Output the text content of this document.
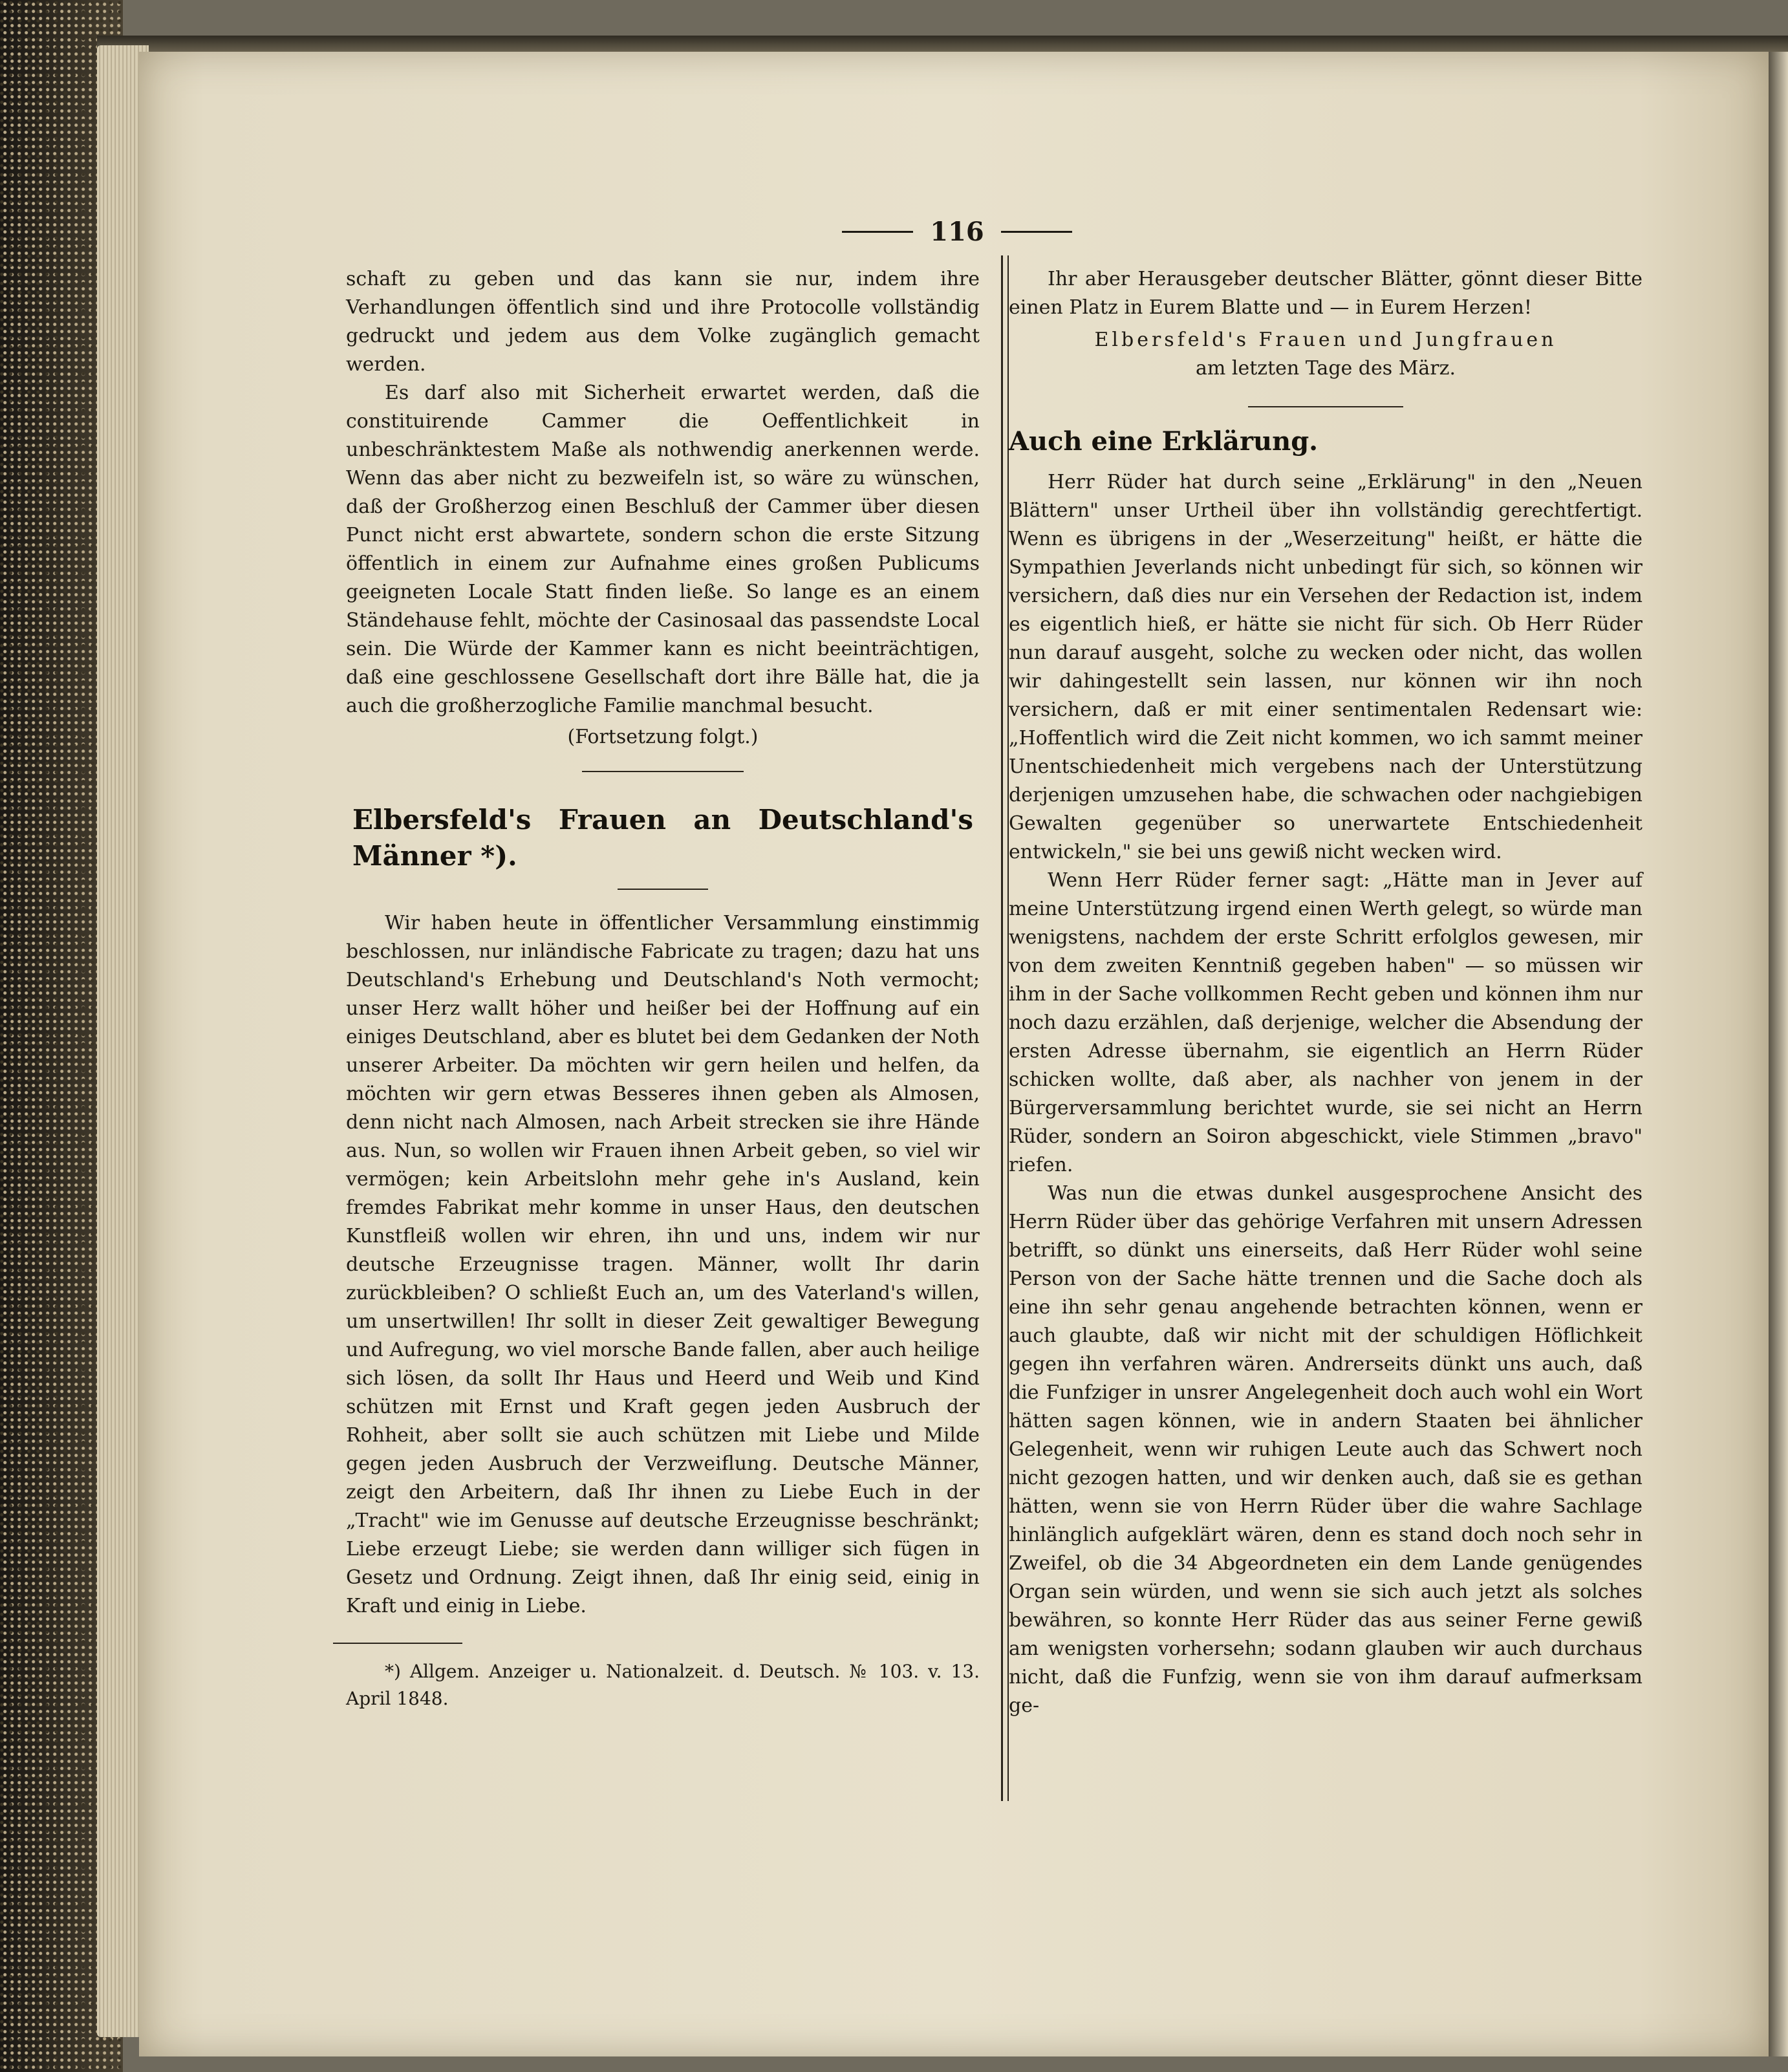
116

schaft zu geben und das kann sie nur, indem ihre Verhandlungen öffentlich sind und ihre Protocolle vollständig gedruckt und jedem aus dem Volke zugänglich gemacht werden.

Es darf also mit Sicherheit erwartet werden, daß die constituirende Cammer die Oeffentlichkeit in unbeschränktestem Maße als nothwendig anerkennen werde. Wenn das aber nicht zu bezweifeln ist, so wäre zu wünschen, daß der Großherzog einen Beschluß der Cammer über diesen Punct nicht erst abwartete, sondern schon die erste Sitzung öffentlich in einem zur Aufnahme eines großen Publicums geeigneten Locale Statt finden ließe. So lange es an einem Ständehause fehlt, möchte der Casinosaal das passendste Local sein. Die Würde der Kammer kann es nicht beeinträchtigen, daß eine geschlossene Gesellschaft dort ihre Bälle hat, die ja auch die großherzogliche Familie manchmal besucht.

(Fortsetzung folgt.)

Elbersfeld's Frauen an Deutschland's Männer *).

Wir haben heute in öffentlicher Versammlung einstimmig beschlossen, nur inländische Fabricate zu tragen; dazu hat uns Deutschland's Erhebung und Deutschland's Noth vermocht; unser Herz wallt höher und heißer bei der Hoffnung auf ein einiges Deutschland, aber es blutet bei dem Gedanken der Noth unserer Arbeiter. Da möchten wir gern heilen und helfen, da möchten wir gern etwas Besseres ihnen geben als Almosen, denn nicht nach Almosen, nach Arbeit strecken sie ihre Hände aus. Nun, so wollen wir Frauen ihnen Arbeit geben, so viel wir vermögen; kein Arbeitslohn mehr gehe in's Ausland, kein fremdes Fabrikat mehr komme in unser Haus, den deutschen Kunstfleiß wollen wir ehren, ihn und uns, indem wir nur deutsche Erzeugnisse tragen. Männer, wollt Ihr darin zurückbleiben? O schließt Euch an, um des Vaterland's willen, um unsertwillen! Ihr sollt in dieser Zeit gewaltiger Bewegung und Aufregung, wo viel morsche Bande fallen, aber auch heilige sich lösen, da sollt Ihr Haus und Heerd und Weib und Kind schützen mit Ernst und Kraft gegen jeden Ausbruch der Rohheit, aber sollt sie auch schützen mit Liebe und Milde gegen jeden Ausbruch der Verzweiflung. Deutsche Männer, zeigt den Arbeitern, daß Ihr ihnen zu Liebe Euch in der „Tracht" wie im Genusse auf deutsche Erzeugnisse beschränkt; Liebe erzeugt Liebe; sie werden dann williger sich fügen in Gesetz und Ordnung. Zeigt ihnen, daß Ihr einig seid, einig in Kraft und einig in Liebe.

*) Allgem. Anzeiger u. Nationalzeit. d. Deutsch. № 103. v. 13. April 1848.

Ihr aber Herausgeber deutscher Blätter, gönnt dieser Bitte einen Platz in Eurem Blatte und — in Eurem Herzen!

Elbersfeld's Frauen und Jungfrauen

am letzten Tage des März.

Auch eine Erklärung.

Herr Rüder hat durch seine „Erklärung" in den „Neuen Blättern" unser Urtheil über ihn vollständig gerechtfertigt. Wenn es übrigens in der „Weserzeitung" heißt, er hätte die Sympathien Jeverlands nicht unbedingt für sich, so können wir versichern, daß dies nur ein Versehen der Redaction ist, indem es eigentlich hieß, er hätte sie nicht für sich. Ob Herr Rüder nun darauf ausgeht, solche zu wecken oder nicht, das wollen wir dahingestellt sein lassen, nur können wir ihn noch versichern, daß er mit einer sentimentalen Redensart wie: „Hoffentlich wird die Zeit nicht kommen, wo ich sammt meiner Unentschiedenheit mich vergebens nach der Unterstützung derjenigen umzusehen habe, die schwachen oder nachgiebigen Gewalten gegenüber so unerwartete Entschiedenheit entwickeln," sie bei uns gewiß nicht wecken wird.

Wenn Herr Rüder ferner sagt: „Hätte man in Jever auf meine Unterstützung irgend einen Werth gelegt, so würde man wenigstens, nachdem der erste Schritt erfolglos gewesen, mir von dem zweiten Kenntniß gegeben haben" — so müssen wir ihm in der Sache vollkommen Recht geben und können ihm nur noch dazu erzählen, daß derjenige, welcher die Absendung der ersten Adresse übernahm, sie eigentlich an Herrn Rüder schicken wollte, daß aber, als nachher von jenem in der Bürgerversammlung berichtet wurde, sie sei nicht an Herrn Rüder, sondern an Soiron abgeschickt, viele Stimmen „bravo" riefen.

Was nun die etwas dunkel ausgesprochene Ansicht des Herrn Rüder über das gehörige Verfahren mit unsern Adressen betrifft, so dünkt uns einerseits, daß Herr Rüder wohl seine Person von der Sache hätte trennen und die Sache doch als eine ihn sehr genau angehende betrachten können, wenn er auch glaubte, daß wir nicht mit der schuldigen Höflichkeit gegen ihn verfahren wären. Andrerseits dünkt uns auch, daß die Funfziger in unsrer Angelegenheit doch auch wohl ein Wort hätten sagen können, wie in andern Staaten bei ähnlicher Gelegenheit, wenn wir ruhigen Leute auch das Schwert noch nicht gezogen hatten, und wir denken auch, daß sie es gethan hätten, wenn sie von Herrn Rüder über die wahre Sachlage hinlänglich aufgeklärt wären, denn es stand doch noch sehr in Zweifel, ob die 34 Abgeordneten ein dem Lande genügendes Organ sein würden, und wenn sie sich auch jetzt als solches bewähren, so konnte Herr Rüder das aus seiner Ferne gewiß am wenigsten vorhersehn; sodann glauben wir auch durchaus nicht, daß die Funfzig, wenn sie von ihm darauf aufmerksam ge-
